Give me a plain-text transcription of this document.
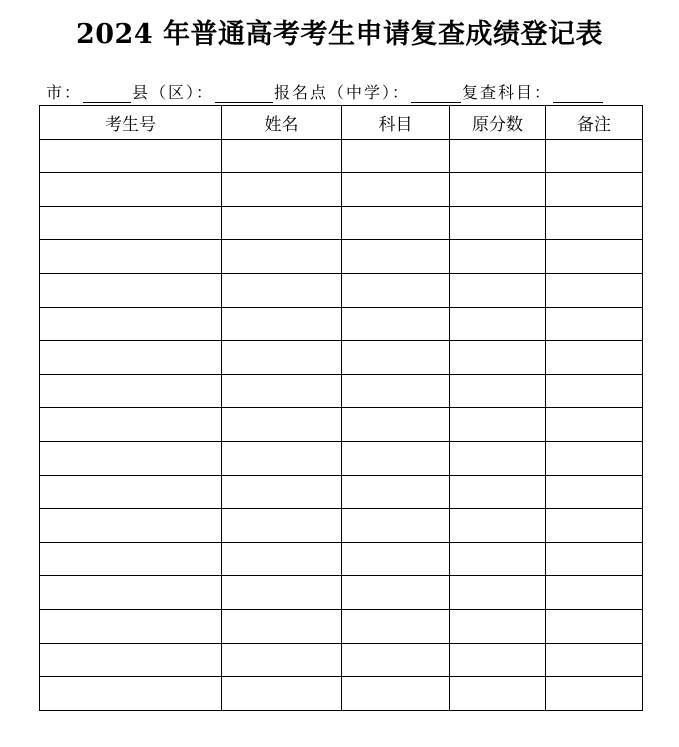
2024 年普通高考考生申请复查成绩登记表
市：	县（区）：	报名点（中学）：	复查科目：
考生号	姓名	科目	原分数	备注
